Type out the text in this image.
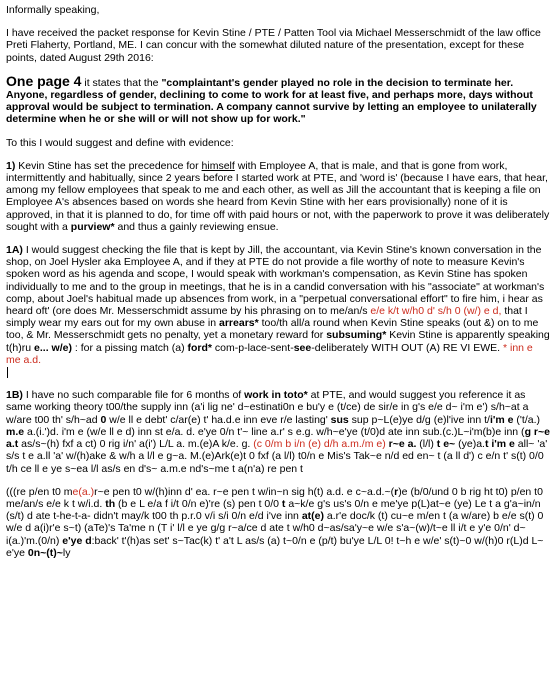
Informally speaking,

I have received the packet response for Kevin Stine / PTE / Patten Tool via Michael Messerschmidt of the law office Preti Flaherty, Portland, ME. I can concur with the somewhat diluted nature of the presentation, except for these points, dated August 29th 2016:

One page 4 it states that the "complaintant's gender played no role in the decision to terminate her. Anyone, regardless of gender, declining to come to work for at least five, and perhaps more, days without approval would be subject to termination. A company cannot survive by letting an employee to unilaterally determine when he or she will or will not show up for work."

To this I would suggest and define with evidence:

1) Kevin Stine has set the precedence for himself with Employee A, that is male, and that is gone from work, intermittently and habitually, since 2 years before I started work at PTE, and 'word is' (because I have ears, that hear, among my fellow employees that speak to me and each other, as well as Jill the accountant that is keeping a file on Employee A's absences based on words she heard from Kevin Stine with her ears provisionally) none of it is approved, in that it is planned to do, for time off with paid hours or not, with the paperwork to prove it was deliberately sought with a purview* and thus a gainly reviewing ensue.

1A) I would suggest checking the file that is kept by Jill, the accountant, via Kevin Stine's known conversation in the shop, on Joel Hysler aka Employee A, and if they at PTE do not provide a file worthy of note to measure Kevin's spoken word as his agenda and scope, I would speak with workman's compensation, as Kevin Stine has spoken individually to me and to the group in meetings, that he is in a candid conversation with his "associate" at workman's comp, about Joel's habitual made up absences from work, in a "perpetual conversational effort" to fire him, i hear as heard oft' (ore does Mr. Messerschmidt assume by his phrasing on to me/an/s e/e k/t w/h0 d' s/h 0 (w/) e d, that I simply wear my ears out for my own abuse in arrears* too/th all/a round when Kevin Stine speaks (out &) on to me too, & Mr. Messerschmidt gets no penalty, yet a monetary reward for subsuming* Kevin Stine is apparently speaking t(h)ru e... w/e) : for a pissing match (a) ford* com-p-lace-sent-see-deliberately WITH OUT (A) RE VI EWE. * inn e me a.d.

1B) I have no such comparable file for 6 months of work in toto* at PTE, and would suggest you reference it as same working theory t00/the supply inn (a'i lig ne' d~estinati0n e bu'y e (t/ce) de sir/e in g's e/e d~ i'm e') s/h~at a w/are t00 th' s/h~ad 0 w/e ll e debt' c/ar(e) t' ha.d.e inn eve r/e lasting' sus sup p~L(e)ye d/g (e)l'ive inn t/i'm e ('t/a.) m.e a.(i.')d. i'm e (w/e ll e d) inn st e/a. d. e'ye 0/n t'~ line a.r' s e.g. w/h~e'ye (t/0)d ate inn sub.(c.)L~i'm(b)e inn (g r~e a.t as/s~(h) fxf a ct) 0 rig i/n' a(i') L/L a. m.(e)A k/e. g. (c 0/m b i/n (e) d/h a.m./m e) r~e a. (l/l) t e~ (ye)a.t i'm e all~ 'a' s/s t e a.ll 'a' w/(h)ake & w/h a l/l e g~a. M.(e)Ark(e)t 0 fxf (a l/l) t0/n e Mis's Tak~e n/d ed en~ t (a ll d') c e/n t' s(t) 0/0 t/h ce ll e ye s~ea l/l as/s en d's~ a.m.e nd's~me t a(n'a) re pen t

(((re p/en t0 me(a.)r~e pen t0 w/(h)inn d' ea. r~e pen t w/in~n sig h(t) a.d. e c~a.d.~(r)e (b/0/und 0 b rig ht t0) p/en t0 me/an/s e/e k t w/i.d. th (b e L e/a f i/t 0/n e)'re (s) pen t 0/0 t a~k/e g's us's 0/n e me'ye p(L)at~e (ye) Le t a g'a~in/n (s/t) d ate t-he-t-a- didn't may/k t00 th p.r.0 v/i s/i 0/n e/d i've inn at(e) a.r'e doc/k (t) cu~e m/en t (a w/are) b e/e s(t) 0 w/e d a(i)r'e s~t) (aTe)'s Ta'me n (T i' l/l e ye g/g r~a/ce d ate t w/h0 d~as/sa'y~e w/e s'a~(w)/t~e ll i/t e y'e 0/n' d~ i(a.)'m.(0/n) e'ye d:back' t'(h)as set' s~Tac(k) t' a't L as/s (a) t~0/n e (p/t) bu'ye L/L 0! t~h e w/e' s(t)~0 w/(h)0 r(L)d L~ e'ye 0n~(t)~ly
